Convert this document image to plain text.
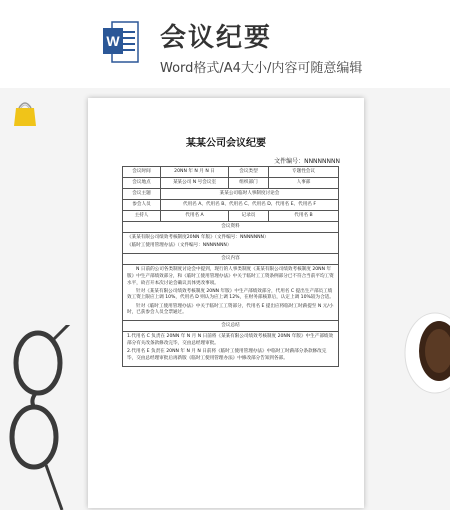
W 会议纪要
Word格式/A4大小/内容可随意编辑
某某公司会议纪要
文件编号：NNNNNNNN
会议时间	20NN 年 N 月 N 日	会议类型	专题性会议
会议地点	某某公司 N 号会议室	组织部门	人事部
会议主题	某某公司临时人事制度讨论会		
参会人员	代用名 A、代用名 B、代用名 C、代用名 D、代用名 E、代用名 F		
主持人	代用名 A	记录员	代用名 B
会议资料			

《某某有限公司绩效考核制度20NN 年版》（文件编号：NNNNNNN）

《临时工使用管理办法》（文件编号：NNNNNNN）			

会议内容			

N 日前的公司各类制度讨论会中提到，现行的人事类制度《某某有限公司绩效考核制度 20NN 年版》中生产部绩效部分，和《临时工使用管理办法》中关于临时工工资条例部分已不符合当前平均工资水平，故召开本次讨论会确议具体更改事项。

针对《某某有限公司绩效考核制度 20NN 年版》中生产部绩效部分，代用名 C 提出生产部员工绩效工资上限应上调 10%，代用名 D 则认为应上调 12%，在财务部核算后，认定上调 10%较为合适。

针对《临时工使用管理办法》中关于临时工工资部分，代用名 E 提出应将临时工时薪提至 N 元/小时，已获参会人员全票通过。			

会议总结			

1.代用名 C 负责在 20NN 年 N 月 N 日前将《某某有限公司绩效考核制度 20NN 年版》中生产部绩效部分有关改条款修改完毕，交由总经理审批。

2.代用名 E 负责在 20NN 年 N 月 N 日前将《临时工使用管理办法》中临时工时薪部分条款修改完毕，交由总经理审批后再新版《临时工使用管理办法》中修改部分告知到各部。			
